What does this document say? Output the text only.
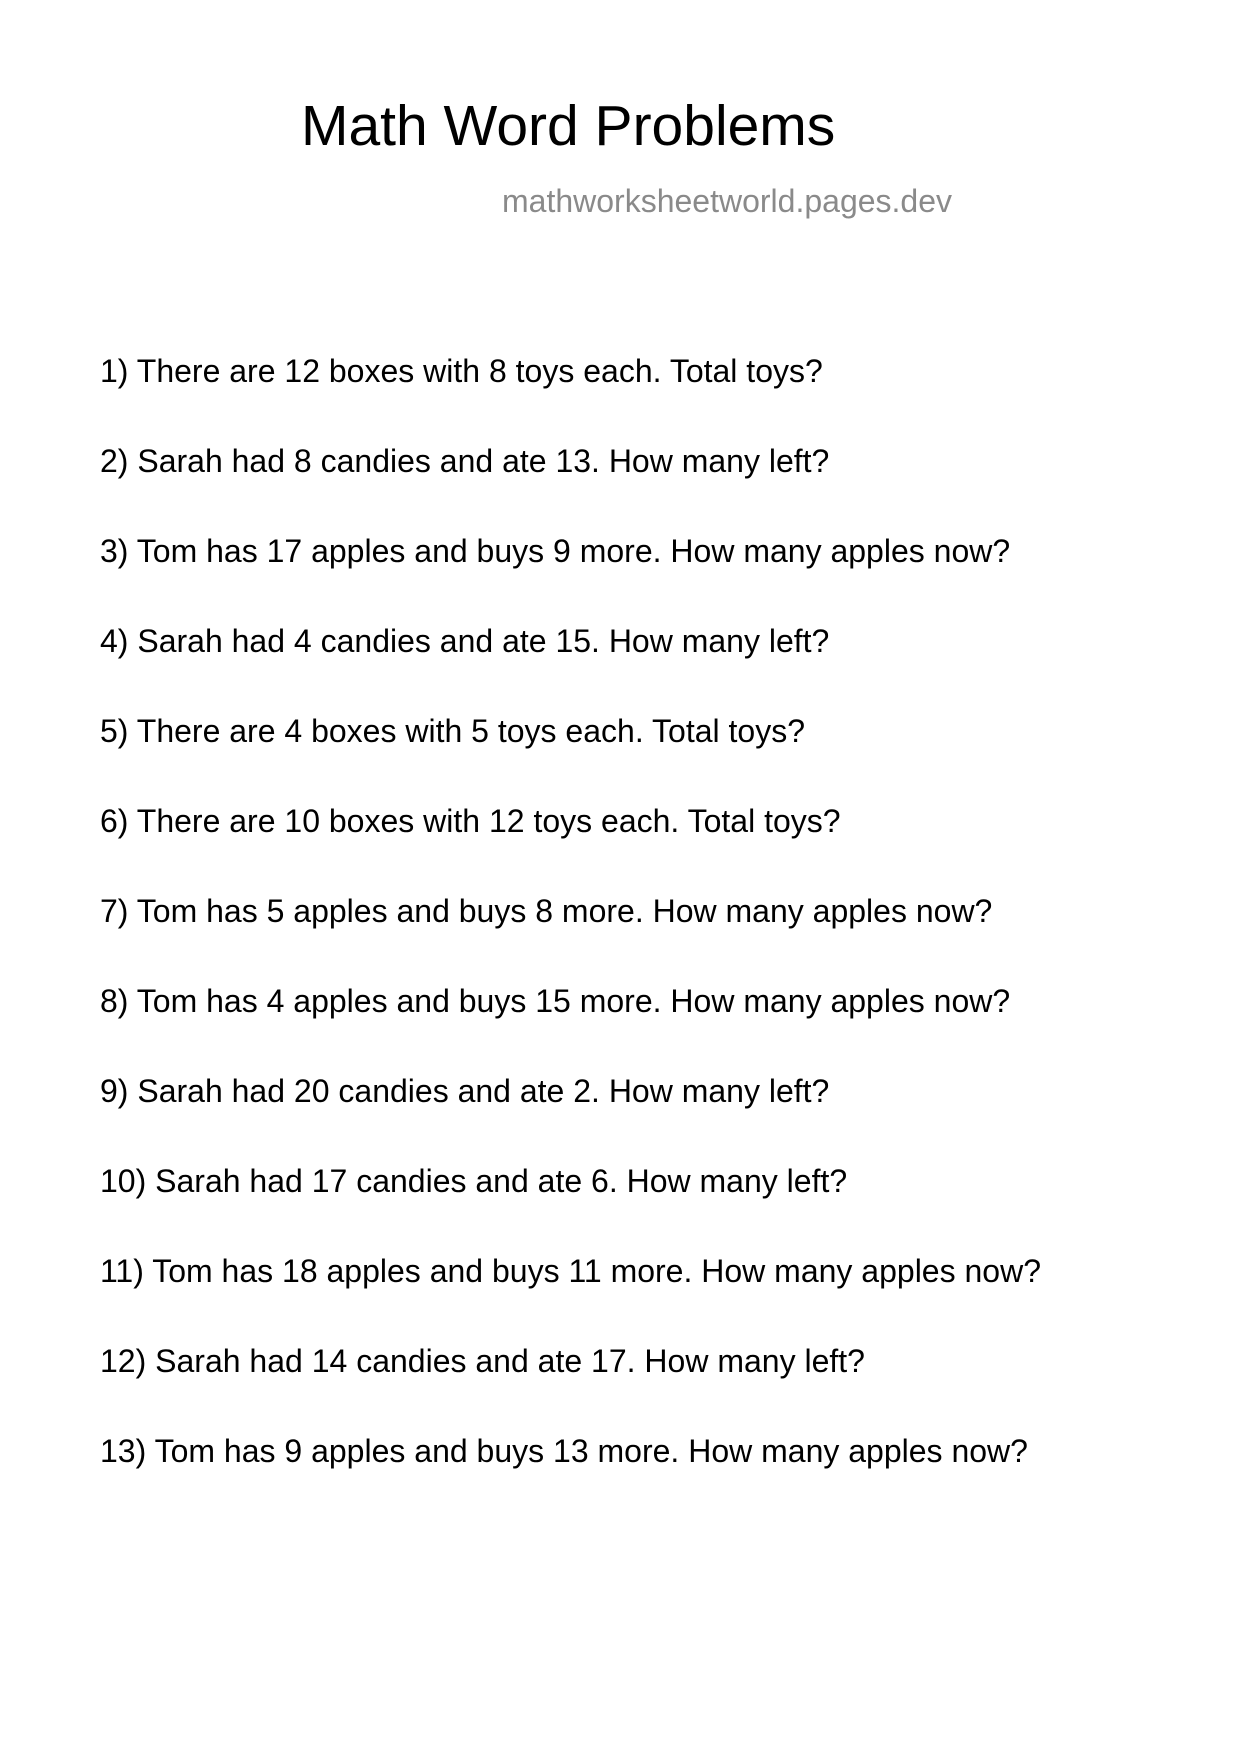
Math Word Problems
mathworksheetworld.pages.dev
1) There are 12 boxes with 8 toys each. Total toys?
2) Sarah had 8 candies and ate 13. How many left?
3) Tom has 17 apples and buys 9 more. How many apples now?
4) Sarah had 4 candies and ate 15. How many left?
5) There are 4 boxes with 5 toys each. Total toys?
6) There are 10 boxes with 12 toys each. Total toys?
7) Tom has 5 apples and buys 8 more. How many apples now?
8) Tom has 4 apples and buys 15 more. How many apples now?
9) Sarah had 20 candies and ate 2. How many left?
10) Sarah had 17 candies and ate 6. How many left?
11) Tom has 18 apples and buys 11 more. How many apples now?
12) Sarah had 14 candies and ate 17. How many left?
13) Tom has 9 apples and buys 13 more. How many apples now?
